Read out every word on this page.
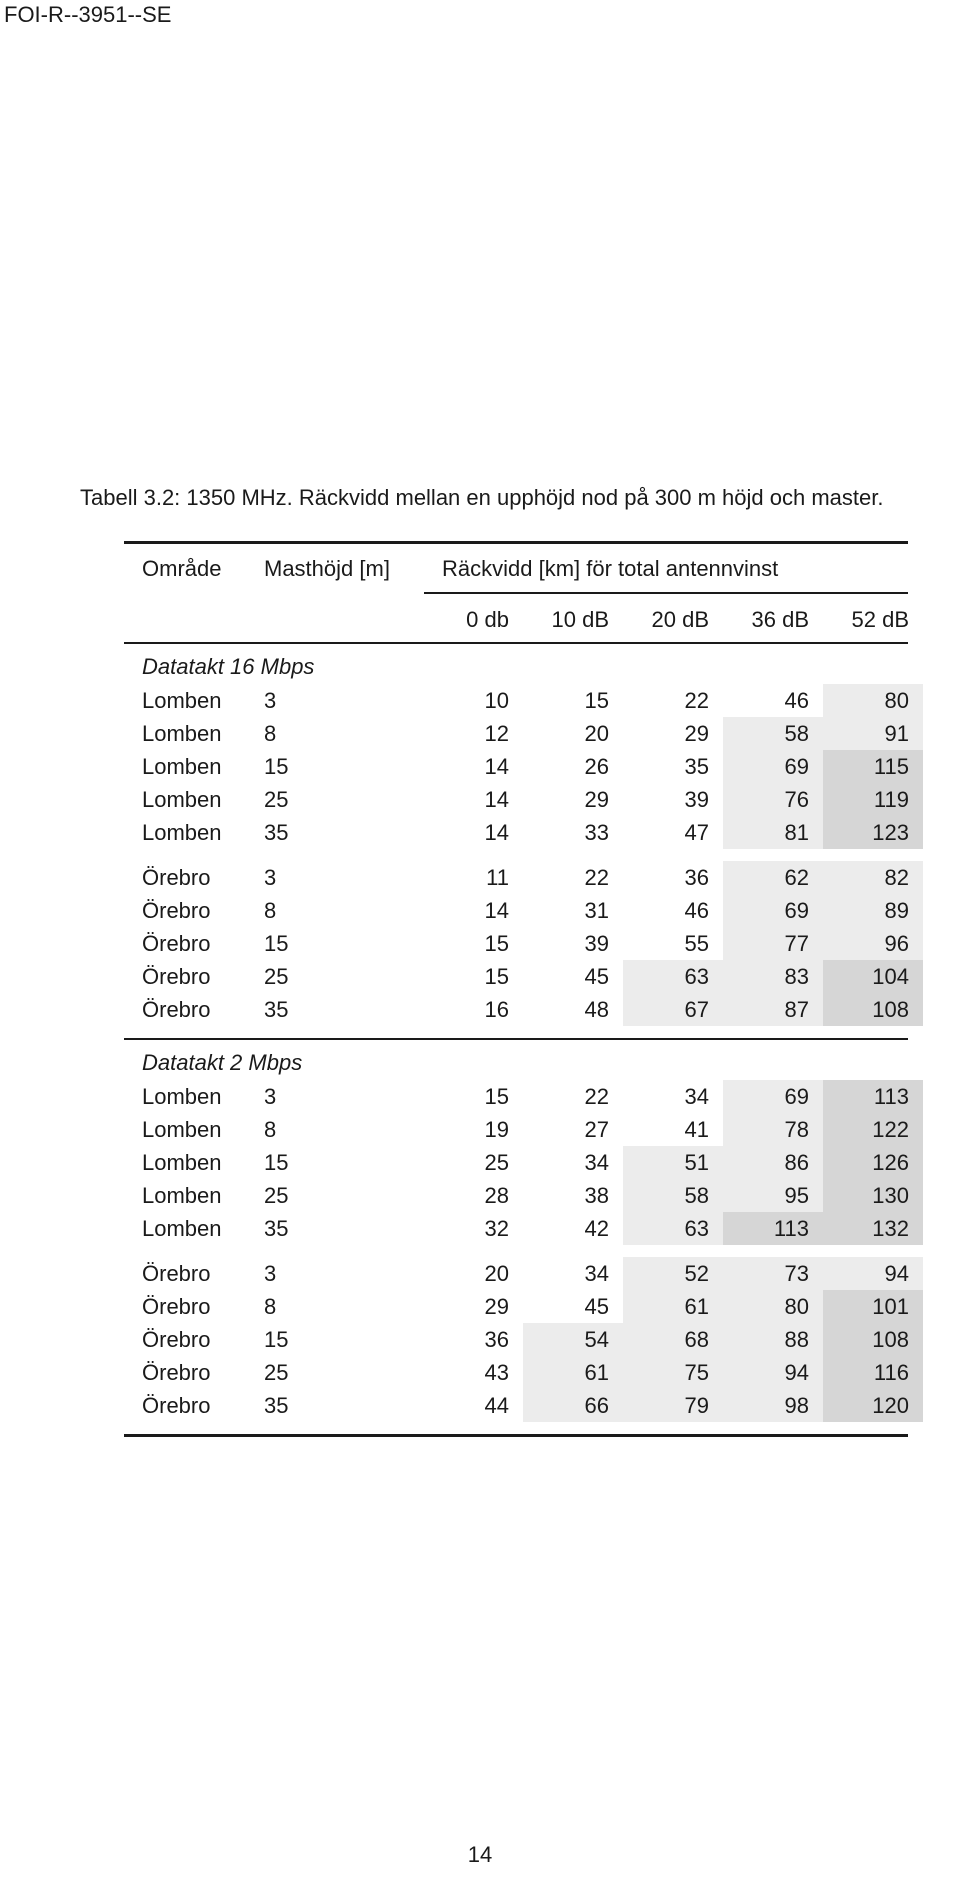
FOI-R--3951--SE
Tabell 3.2: 1350 MHz. Räckvidd mellan en upphöjd nod på 300 m höjd och master.
Område Masthöjd [m] Räckvidd [km] för total antennvinst
0 db	10 dB	20 dB	36 dB	52 dB
Datatakt 16 Mbps
Lomben 3	10	15	22	46	80
Lomben 8	12	20	29	58	91
Lomben 15	14	26	35	69	115
Lomben 25	14	29	39	76	119
Lomben 35	14	33	47	81	123
Örebro 3	11	22	36	62	82
Örebro 8	14	31	46	69	89
Örebro 15	15	39	55	77	96
Örebro 25	15	45	63	83	104
Örebro 35	16	48	67	87	108
Datatakt 2 Mbps
Lomben 3	15	22	34	69	113
Lomben 8	19	27	41	78	122
Lomben 15	25	34	51	86	126
Lomben 25	28	38	58	95	130
Lomben 35	32	42	63	113	132
Örebro 3	20	34	52	73	94
Örebro 8	29	45	61	80	101
Örebro 15	36	54	68	88	108
Örebro 25	43	61	75	94	116
Örebro 35	44	66	79	98	120
14
